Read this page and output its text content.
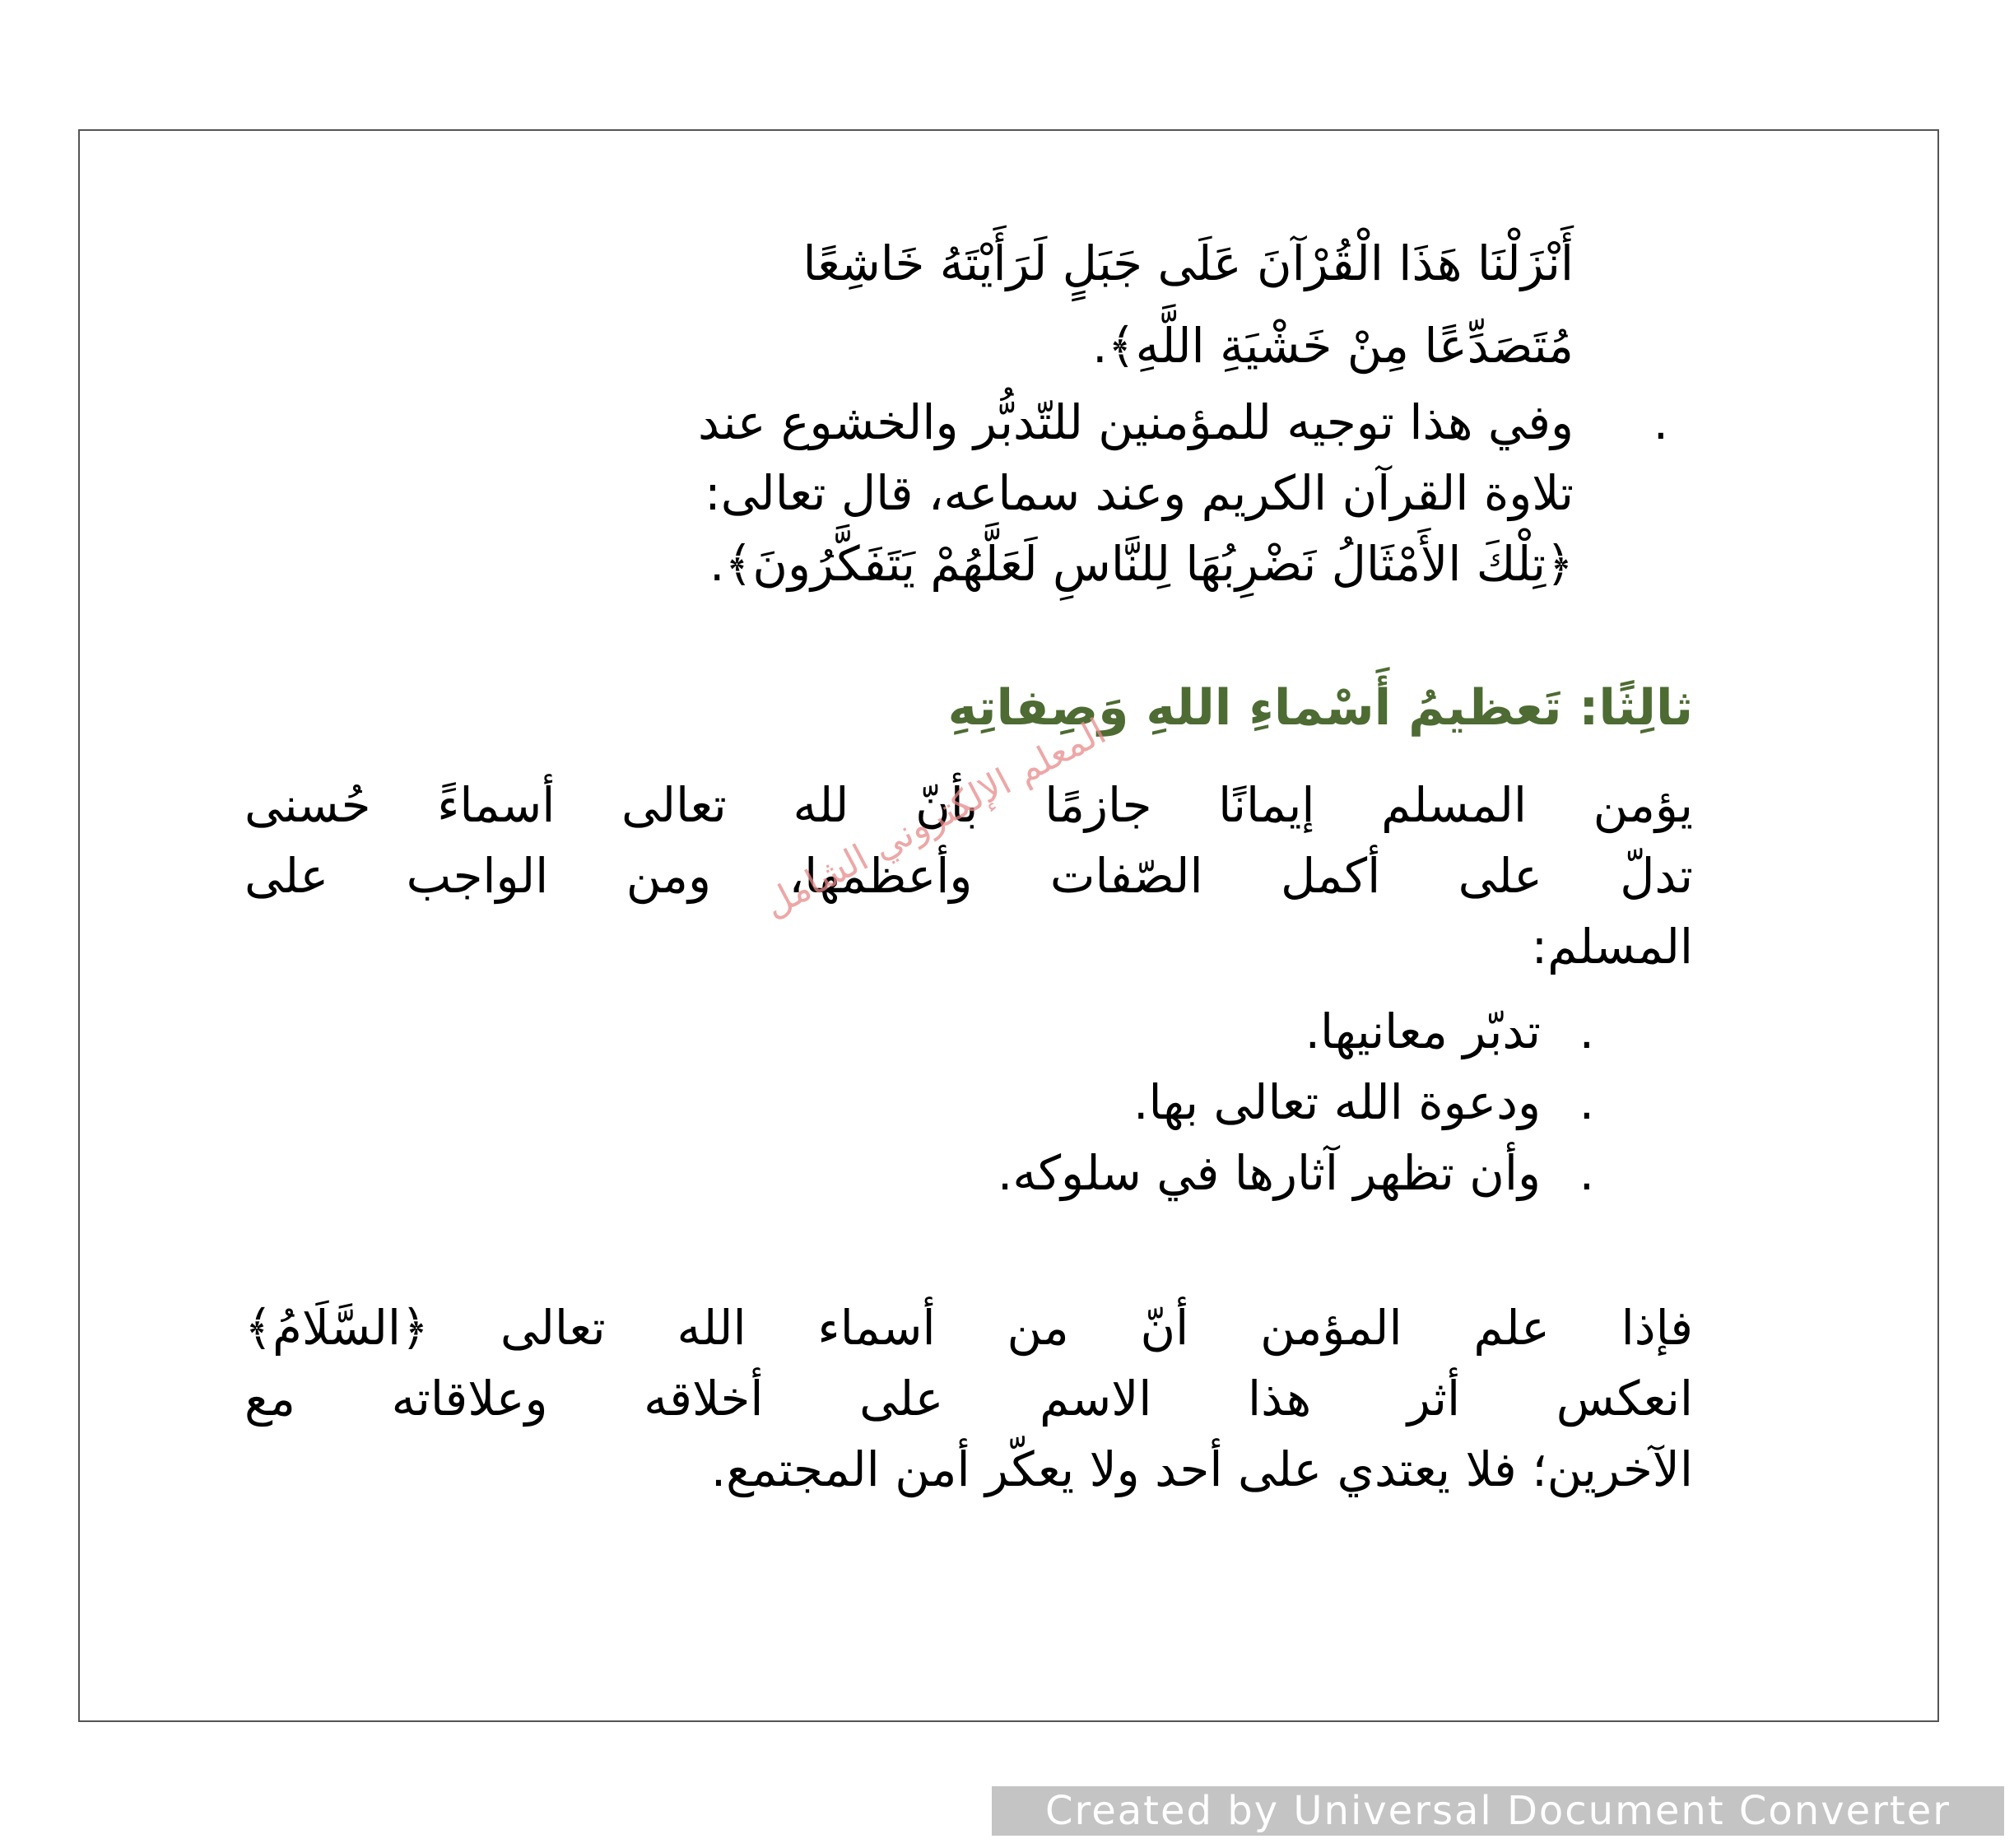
أَنْزَلْنَا هَذَا الْقُرْآنَ عَلَى جَبَلٍ لَرَأَيْتَهُ خَاشِعًا
مُتَصَدِّعًا مِنْ خَشْيَةِ اللَّهِ﴾.
.وفي هذا توجيه للمؤمنين للتّدبُّر والخشوع عند
تلاوة القرآن الكريم وعند سماعه، قال تعالى:
﴿تِلْكَ الأَمْثَالُ نَضْرِبُهَا لِلنَّاسِ لَعَلَّهُمْ يَتَفَكَّرُونَ﴾.
ثالِثًا: تَعظيمُ أَسْماءِ اللهِ وَصِفاتِهِ
يؤمن المسلم إيمانًا جازمًا بأنّ لله تعالى أسماءً حُسنى
تدلّ على أكمل الصّفات وأعظمها، ومن الواجب على
المسلم:
.تدبّر معانيها.
.ودعوة الله تعالى بها.
.وأن تظهر آثارها في سلوكه.
فإذا علم المؤمن أنّ من أسماء الله تعالى ﴿السَّلَامُ﴾
انعكس أثر هذا الاسم على أخلاقه وعلاقاته مع
الآخرين؛ فلا يعتدي على أحد ولا يعكّر أمن المجتمع.
المعلم الإلكتروني الشامل
Created by Universal Document Converter
